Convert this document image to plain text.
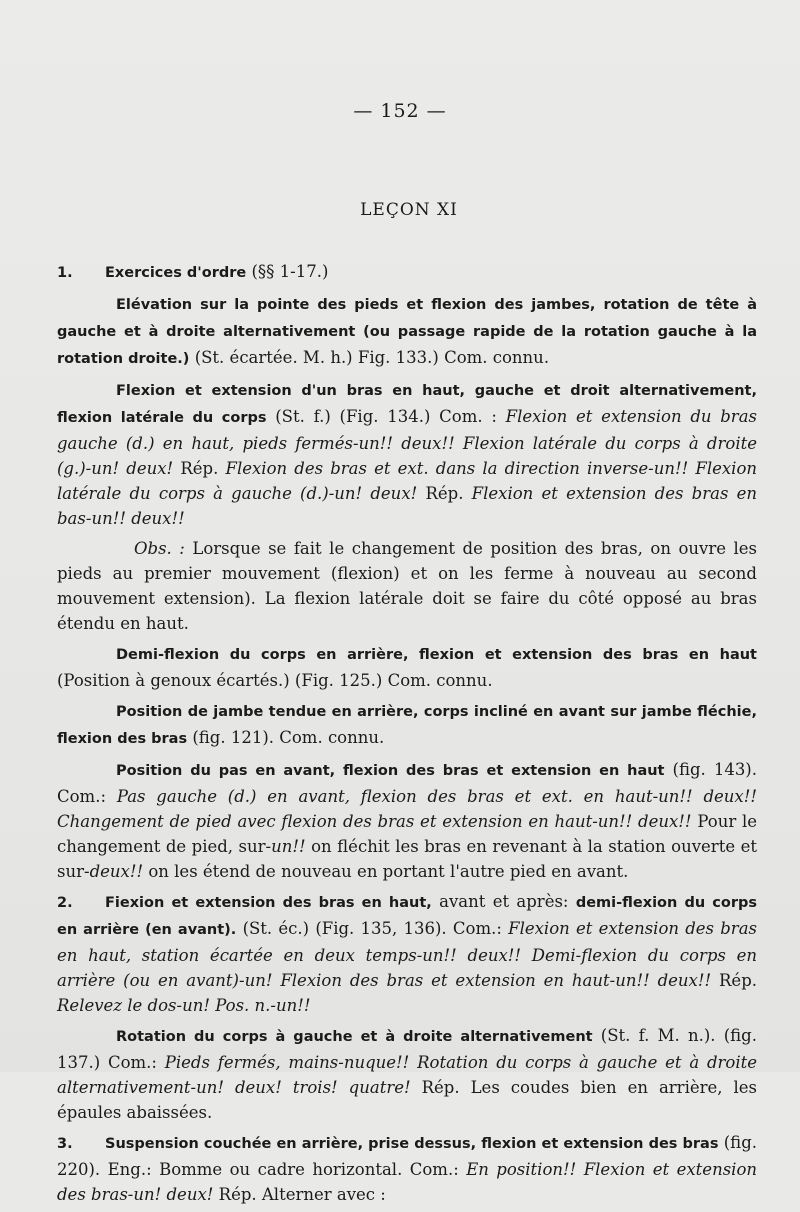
— 152 —
LEÇON XI

1. Exercices d'ordre (§§ 1-17.)

Elévation sur la pointe des pieds et flexion des jambes, rotation de tête à gauche et à droite alternativement (ou passage rapide de la rotation gauche à la rotation droite.) (St. écartée. M. h.) Fig. 133.) Com. connu.

Flexion et extension d'un bras en haut, gauche et droit alternativement, flexion latérale du corps (St. f.) (Fig. 134.) Com. : Flexion et extension du bras gauche (d.) en haut, pieds fermés-un!! deux!! Flexion latérale du corps à droite (g.)-un! deux! Rép. Flexion des bras et ext. dans la direction inverse-un!! Flexion latérale du corps à gauche (d.)-un! deux! Rép. Flexion et extension des bras en bas-un!! deux!!

Obs. : Lorsque se fait le changement de position des bras, on ouvre les pieds au premier mouvement (flexion) et on les ferme à nouveau au second mouvement extension). La flexion latérale doit se faire du côté opposé au bras étendu en haut.

Demi-flexion du corps en arrière, flexion et extension des bras en haut (Position à genoux écartés.) (Fig. 125.) Com. connu.

Position de jambe tendue en arrière, corps incliné en avant sur jambe fléchie, flexion des bras (fig. 121). Com. connu.

Position du pas en avant, flexion des bras et extension en haut (fig. 143). Com.: Pas gauche (d.) en avant, flexion des bras et ext. en haut-un!! deux!! Changement de pied avec flexion des bras et extension en haut-un!! deux!! Pour le changement de pied, sur-un!! on fléchit les bras en revenant à la station ouverte et sur-deux!! on les étend de nouveau en portant l'autre pied en avant.

2. Fiexion et extension des bras en haut, avant et après: demi-flexion du corps en arrière (en avant). (St. éc.) (Fig. 135, 136). Com.: Flexion et extension des bras en haut, station écartée en deux temps-un!! deux!! Demi-flexion du corps en arrière (ou en avant)-un! Flexion des bras et extension en haut-un!! deux!! Rép. Relevez le dos-un! Pos. n.-un!!

Rotation du corps à gauche et à droite alternativement (St. f. M. n.). (fig. 137.) Com.: Pieds fermés, mains-nuque!! Rotation du corps à gauche et à droite alternativement-un! deux! trois! quatre! Rép. Les coudes bien en arrière, les épaules abaissées.

3. Suspension couchée en arrière, prise dessus, flexion et extension des bras (fig. 220). Eng.: Bomme ou cadre horizontal. Com.: En position!! Flexion et extension des bras-un! deux! Rép. Alterner avec :
